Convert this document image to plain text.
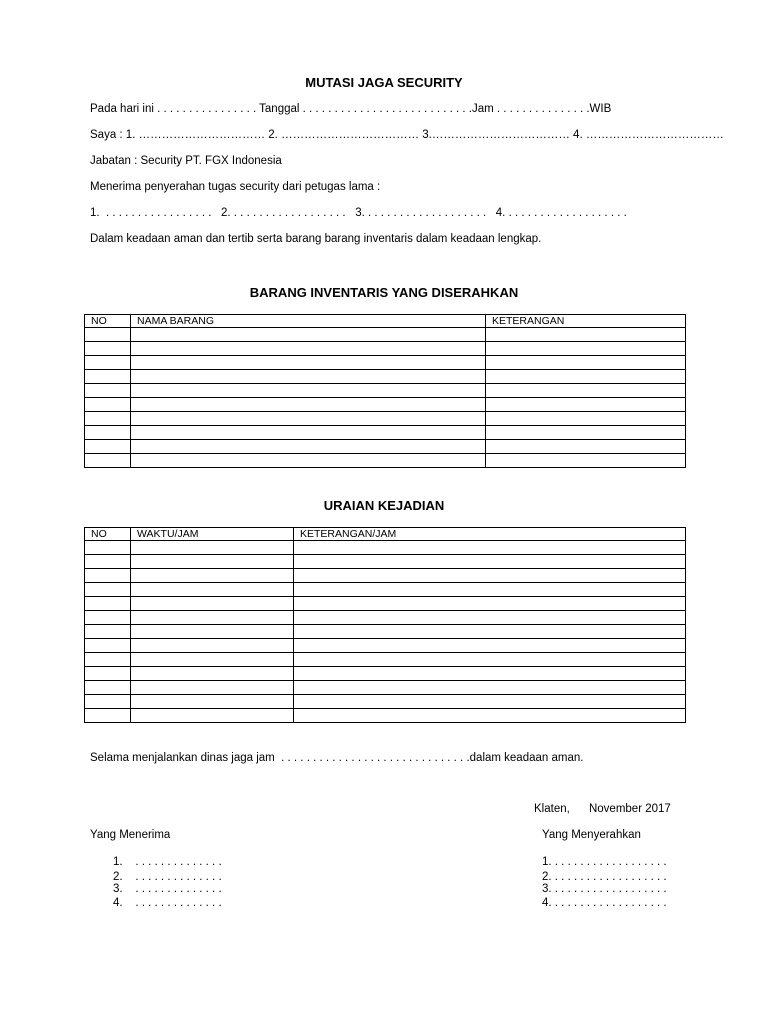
MUTASI JAGA SECURITY
Pada hari ini . . . . . . . . . . . . . . . . Tanggal . . . . . . . . . . . . . . . . . . . . . . . . . . .Jam . . . . . . . . . . . . . . .WIB
Saya : 1. …………………………… 2. ……………………………… 3.……………………………… 4. ………………………………
Jabatan : Security PT. FGX Indonesia
Menerima penyerahan tugas security dari petugas lama :
1.  . . . . . . . . . . . . . . . . .   2. . . . . . . . . . . . . . . . . . .   3. . . . . . . . . . . . . . . . . . . .   4. . . . . . . . . . . . . . . . . . . .
Dalam keadaan aman dan tertib serta barang barang inventaris dalam keadaan lengkap.
BARANG INVENTARIS YANG DISERAHKAN
NO	NAMA BARANG	KETERANGAN

URAIAN KEJADIAN
NO	WAKTU/JAM	KETERANGAN/JAM

Selama menjalankan dinas jaga jam  . . . . . . . . . . . . . . . . . . . . . . . . . . . . . .dalam keadaan aman.
Klaten,      November 2017
Yang Menerima	Yang Menyerahkan
1.    . . . . . . . . . . . . . .
2.    . . . . . . . . . . . . . .
3.    . . . . . . . . . . . . . .
4.    . . . . . . . . . . . . . .
1. . . . . . . . . . . . . . . . . . .
2. . . . . . . . . . . . . . . . . . .
3. . . . . . . . . . . . . . . . . . .
4. . . . . . . . . . . . . . . . . . .
